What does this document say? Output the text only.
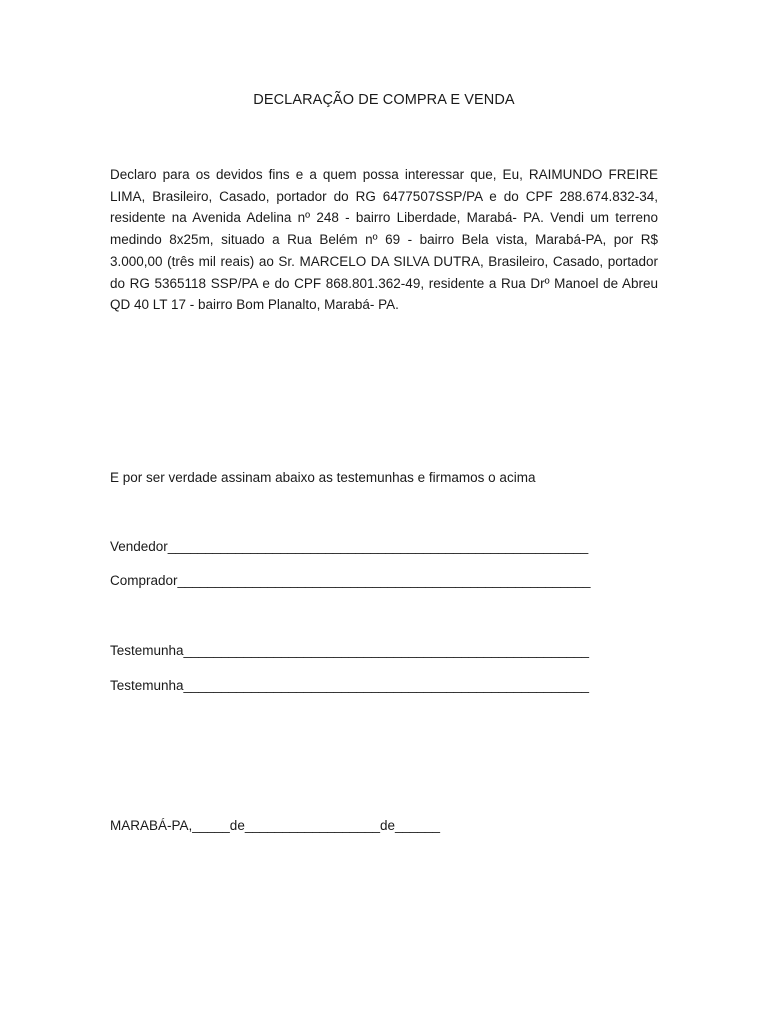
DECLARAÇÃO DE COMPRA E VENDA

Declaro para os devidos fins e a quem possa interessar que, Eu, RAIMUNDO FREIRE LIMA, Brasileiro, Casado, portador do RG 6477507SSP/PA e do CPF 288.674.832-34, residente na Avenida Adelina nº 248 - bairro Liberdade, Marabá- PA. Vendi um terreno medindo 8x25m, situado a Rua Belém nº 69 - bairro Bela vista, Marabá-PA, por R$ 3.000,00 (três mil reais) ao Sr. MARCELO DA SILVA DUTRA, Brasileiro, Casado, portador do RG 5365118 SSP/PA e do CPF 868.801.362-49, residente a Rua Drº Manoel de Abreu QD 40 LT 17 - bairro Bom Planalto, Marabá- PA.

E por ser verdade assinam abaixo as testemunhas e firmamos o acima

Vendedor________________________________________________________

Comprador_______________________________________________________

Testemunha______________________________________________________

Testemunha______________________________________________________

MARABÁ-PA,_____de__________________de______
